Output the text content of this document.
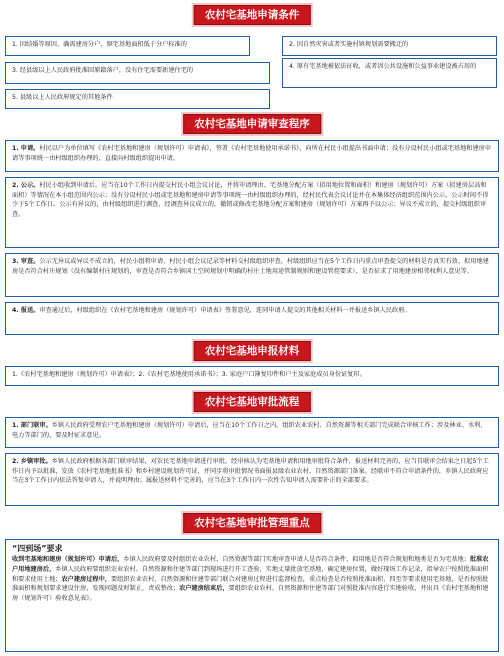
农村宅基地申请条件
1. 因结婚等原因，确需建房分户，原宅基地面积低于分户标准的	2. 因自然灾害或者实施村镇规划需要搬迁的
3. 经县级以上人民政府批准回原籍落户，没有住宅需要新建住宅的
4. 原有宅基地被依法征收，或者因公共设施和公益事业建设被占用的
5. 县级以上人民政府规定的其他条件
农村宅基地申请审查程序
1. 申请。村民以户为单位填写《农村宅基地和建房（规划许可）申请表》，签署《农村宅基地使用承诺书》，向所在村民小组提出书面申请；没有分设村民小组或宅基地和建房申请等事项统一由村级组织办理的，直接向村级组织提出申请。
2. 公示。村民小组收到申请后，应当在10个工作日内提交村民小组会议讨论，并将申请理由、宅基地分配方案（拟用地位置和面积）和建房（规划许可）方案（拟建房层高和面积）等情况在本小组范围内公示；没有分设村民小组或宅基地和建房申请等事项统一由村级组织办理的，经村民代表会议讨论并在本集体经济组织范围内公示。公示时间不得少于5个工作日。公示有异议的，由村级组织进行调查，经调查异议成立的，撤销或修改宅基地分配方案和建房（规划许可）方案再予以公示；异议不成立的，提交村级组织审查。
3. 审查。公示无异议或异议不成立的，村民小组将申请、村民小组会议记录等材料交村级组织审查。村级组织应当在5个工作日内重点审查提交的材料是否真实有效、拟用地建房是否符合村庄规划（没有编制村庄规划的，审查是否符合乡镇国土空间规划中明确的村庄土地用途管制规则和建设管控要求）、是否征求了用地建房相邻权利人意见等。
4. 报送。审查通过后，村级组织在《农村宅基地和建房（规划许可）申请表》签署意见，连同申请人提交的其他相关材料一并报送乡镇人民政府。
农村宅基地申报材料
1.《农村宅基地和建房（规划许可）申请表》；2.《农村宅基地使用承诺书》；3. 家庭户口簿复印件和户主及家庭成员身份证复印。
农村宅基地审批流程
1. 部门联审。乡镇人民政府受理农户宅基地和建房（规划许可）申请后，应当在10个工作日之内，组织农业农村、自然资源等相关部门完成联合审核工作；涉及林业、水利、电力等部门的，要及时征求意见。
2. 乡镇审批。乡镇人民政府根据各部门联审结果，对农民宅基地申请进行审批。经审核认为宅基地申请和用地审批符合条件，报送材料完善的，应当自联审会结束之日起5个工作日内予以批准，发放《农村宅基地批准书》和乡村建设规划许可证，并同步将审批情况书面报县级农业农村、自然资源部门备案。经联审不符合申请条件的，乡镇人民政府应当在3个工作日内依法答复申请人，并说明理由；属报送材料不完善的，应当在3个工作日内一次性告知申请人需要补正的全部要求。
农村宅基地审批管理重点
“四到场”要求
收到宅基地和建房（规划许可）申请后，乡镇人民政府要及时组织农业农村、自然资源等部门实地审查申请人是否符合条件、拟用地是否符合规划和地类是否为宅基地；批准农户用地建房后，乡镇人民政府要组织农业农村、自然资源和住建等部门到现场进行开工查验，实地丈量批放宅基地，确定建房位置，做好现场工作记录，指导农户按照批准面积和要求使用土地；农户建房过程中，要组织农业农村、自然资源和住建等部门联合对建房过程进行监督检查，重点检查是否按照批准面积、四至等要求使用宅基地，是否按照批准面积和规划要求建设住房，发现问题及时制止，责成整改；农户建房结束后，要组织农业农村、自然资源和住建等部门对照批准内容进行实地验收，并出具《农村宅基地和建房（规划许可）验收意见表》。
